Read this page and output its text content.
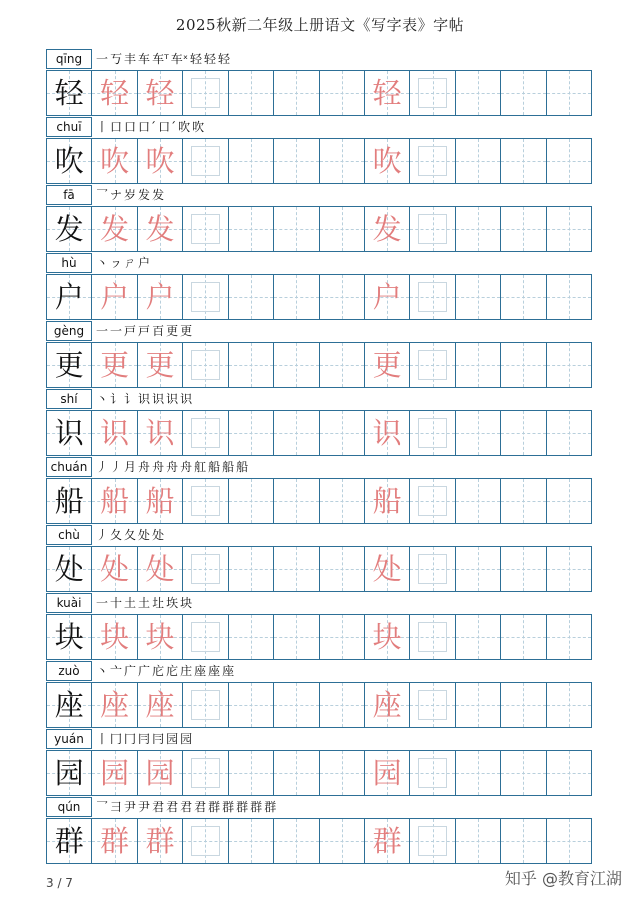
2025秋新二年级上册语文《写字表》字帖
qīng	一 丂 丰 车 车ᵀ 车ˣ 轻 轻 轻
轻 轻 轻	轻
chuī	丨 口 口 口ˊ 口ˊ 吹 吹
吹 吹 吹	吹
fā	乛 ナ 岁 发 发
发 发 发	发
hù	丶 ㇷ ㄕ 户
户 户 户	户
gèng 一 一 戸 戸 百 更 更
更 更 更	更
shí	丶 讠 讠 识 识 识 识
识 识 识	识
chuán 丿 丿 月 舟 舟 舟 舟 舡 船 船 船
船 船 船	船
chù	丿 夂 夂 处 处
处 处 处	处
kuài	一 十 土 土 圵 垁 块
块 块 块	块
zuò	丶 亠 广 广 庀 庀 庄 座 座 座
座 座 座	座
yuán	丨 冂 冂 冃 冃 园 园
园 园 园	园
qún	乛 彐 尹 尹 君 君 君 君 群 群 群 群 群
群 群 群	群
3 / 7	知乎 @教育江湖
